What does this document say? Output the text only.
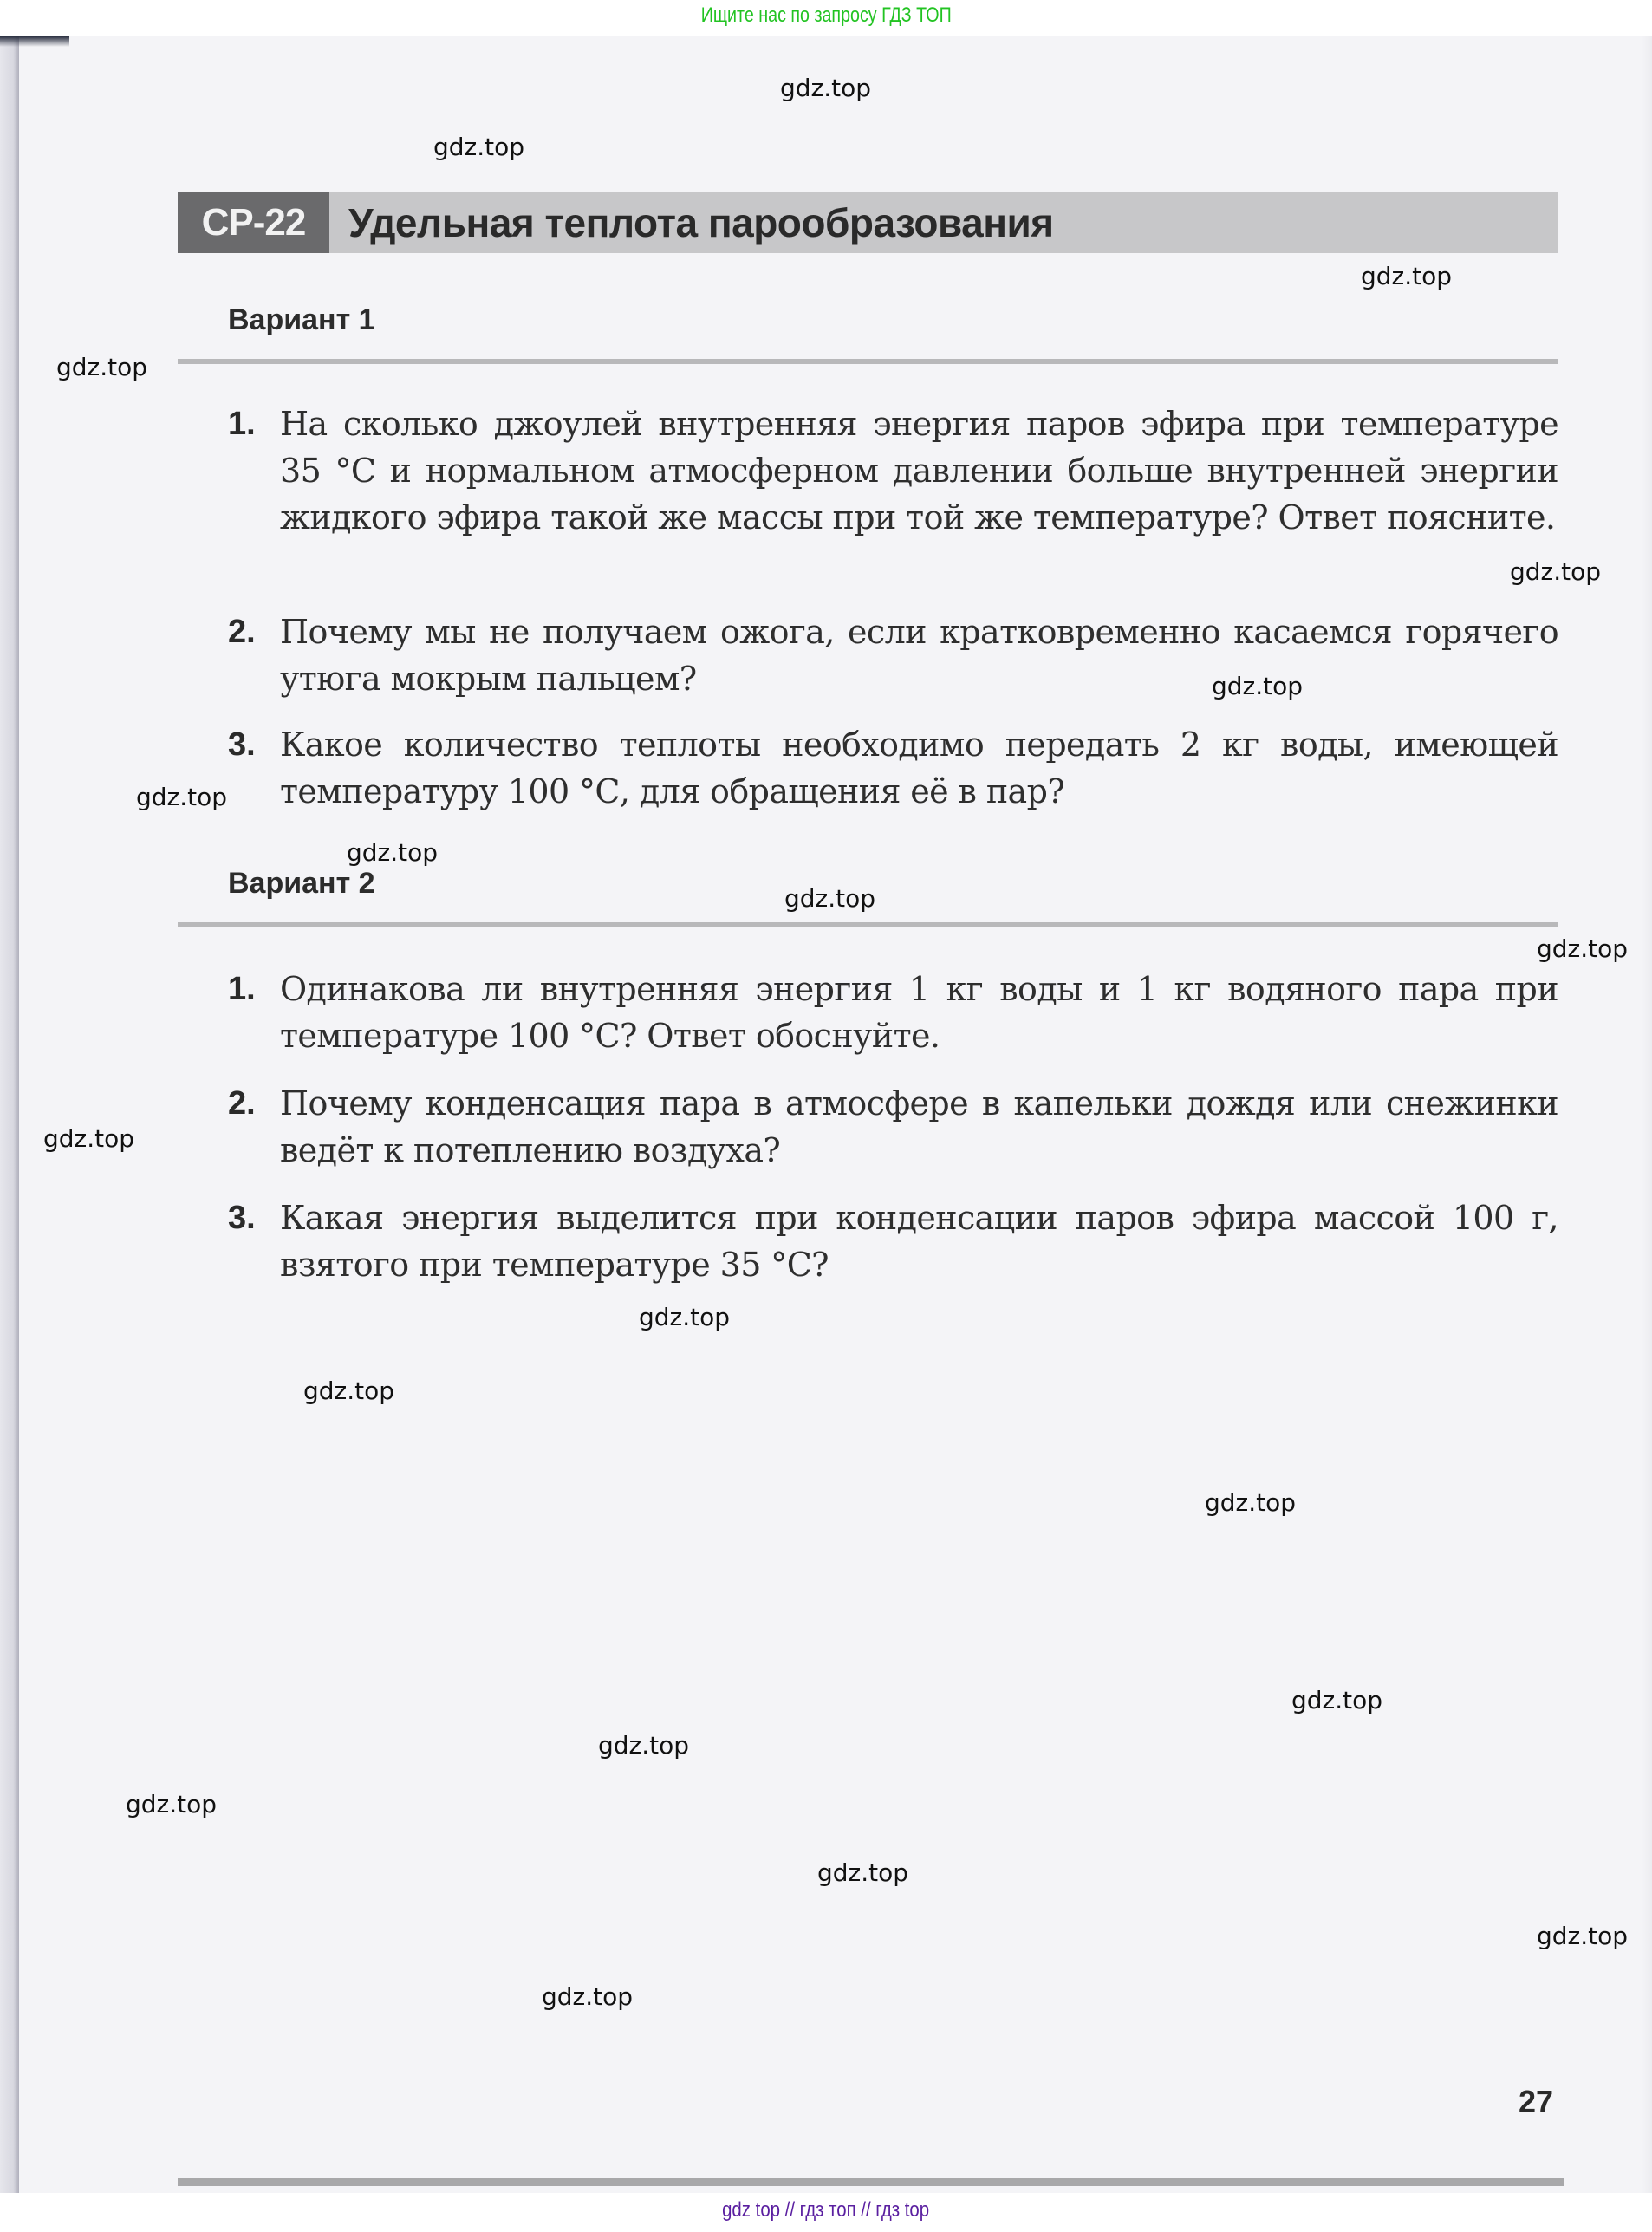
Ищите нас по запросу ГДЗ ТОП
СР-22	Удельная теплота парообразования
Вариант 1
1. На сколько джоулей внутренняя энергия паров эфира при температуре 35 °С и нормальном атмосферном давлении больше внутренней энергии жидкого эфира такой же массы при той же температуре? Ответ поясните.
2. Почему мы не получаем ожога, если кратковременно касаемся горячего утюга мокрым пальцем?
3. Какое количество теплоты необходимо передать 2 кг воды, имеющей температуру 100 °С, для обращения её в пар?
Вариант 2
1. Одинакова ли внутренняя энергия 1 кг воды и 1 кг водяного пара при температуре 100 °С? Ответ обоснуйте.
2. Почему конденсация пара в атмосфере в капельки дождя или снежинки ведёт к потеплению воздуха?
3. Какая энергия выделится при конденсации паров эфира массой 100 г, взятого при температуре 35 °С?
27
gdz.top
gdz.top
gdz.top
gdz.top
gdz.top
gdz.top
gdz.top
gdz.top
gdz.top
gdz.top
gdz.top
gdz.top
gdz.top
gdz.top
gdz.top
gdz.top
gdz.top
gdz.top
gdz.top
gdz.top
gdz top // гдз топ // гдз top
